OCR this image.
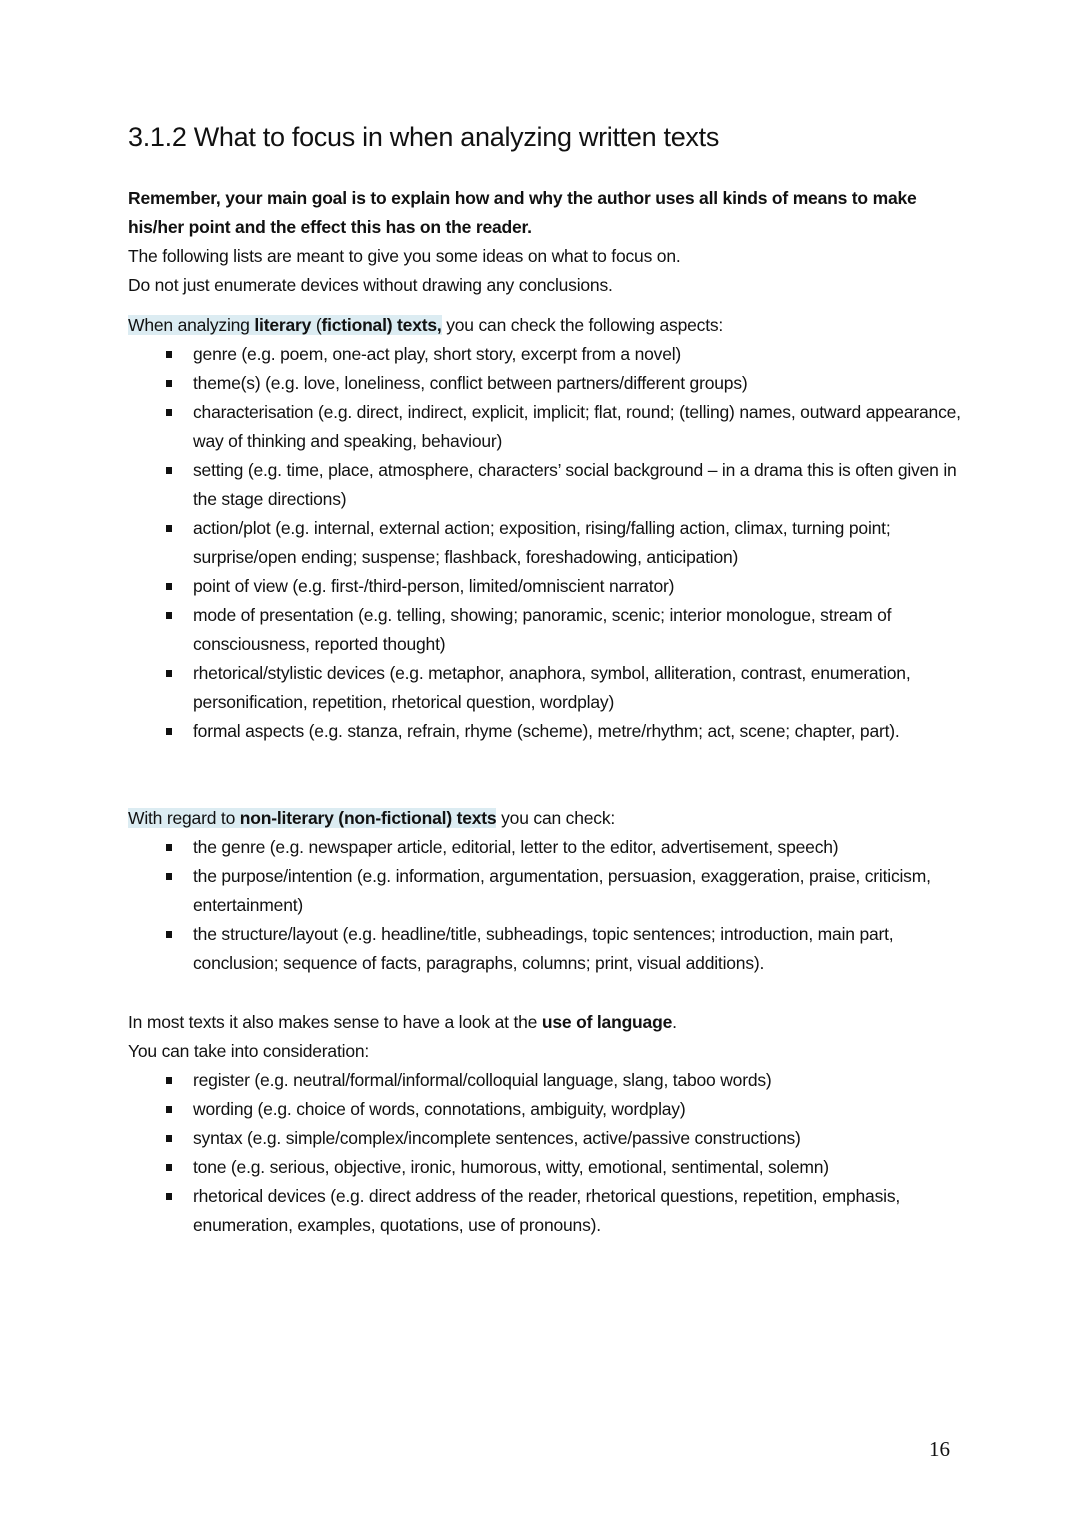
3.1.2 What to focus in when analyzing written texts
Remember, your main goal is to explain how and why the author uses all kinds of means to make
his/her point and the effect this has on the reader.
The following lists are meant to give you some ideas on what to focus on.
Do not just enumerate devices without drawing any conclusions.
When analyzing literary (fictional) texts, you can check the following aspects:
genre (e.g. poem, one-act play, short story, excerpt from a novel)
theme(s) (e.g. love, loneliness, conflict between partners/different groups)
characterisation (e.g. direct, indirect, explicit, implicit; flat, round; (telling) names, outward appearance, way of thinking and speaking, behaviour)
setting (e.g. time, place, atmosphere, characters’ social background – in a drama this is often given in the stage directions)
action/plot (e.g. internal, external action; exposition, rising/falling action, climax, turning point; surprise/open ending; suspense; flashback, foreshadowing, anticipation)
point of view (e.g. first-/third-person, limited/omniscient narrator)
mode of presentation (e.g. telling, showing; panoramic, scenic; interior monologue, stream of consciousness, reported thought)
rhetorical/stylistic devices (e.g. metaphor, anaphora, symbol, alliteration, contrast, enumeration, personification, repetition, rhetorical question, wordplay)
formal aspects (e.g. stanza, refrain, rhyme (scheme), metre/rhythm; act, scene; chapter, part).
With regard to non-literary (non-fictional) texts you can check:
the genre (e.g. newspaper article, editorial, letter to the editor, advertisement, speech)
the purpose/intention (e.g. information, argumentation, persuasion, exaggeration, praise, criticism, entertainment)
the structure/layout (e.g. headline/title, subheadings, topic sentences; introduction, main part, conclusion; sequence of facts, paragraphs, columns; print, visual additions).
In most texts it also makes sense to have a look at the use of language.
You can take into consideration:
register (e.g. neutral/formal/informal/colloquial language, slang, taboo words)
wording (e.g. choice of words, connotations, ambiguity, wordplay)
syntax (e.g. simple/complex/incomplete sentences, active/passive constructions)
tone (e.g. serious, objective, ironic, humorous, witty, emotional, sentimental, solemn)
rhetorical devices (e.g. direct address of the reader, rhetorical questions, repetition, emphasis, enumeration, examples, quotations, use of pronouns).
16
